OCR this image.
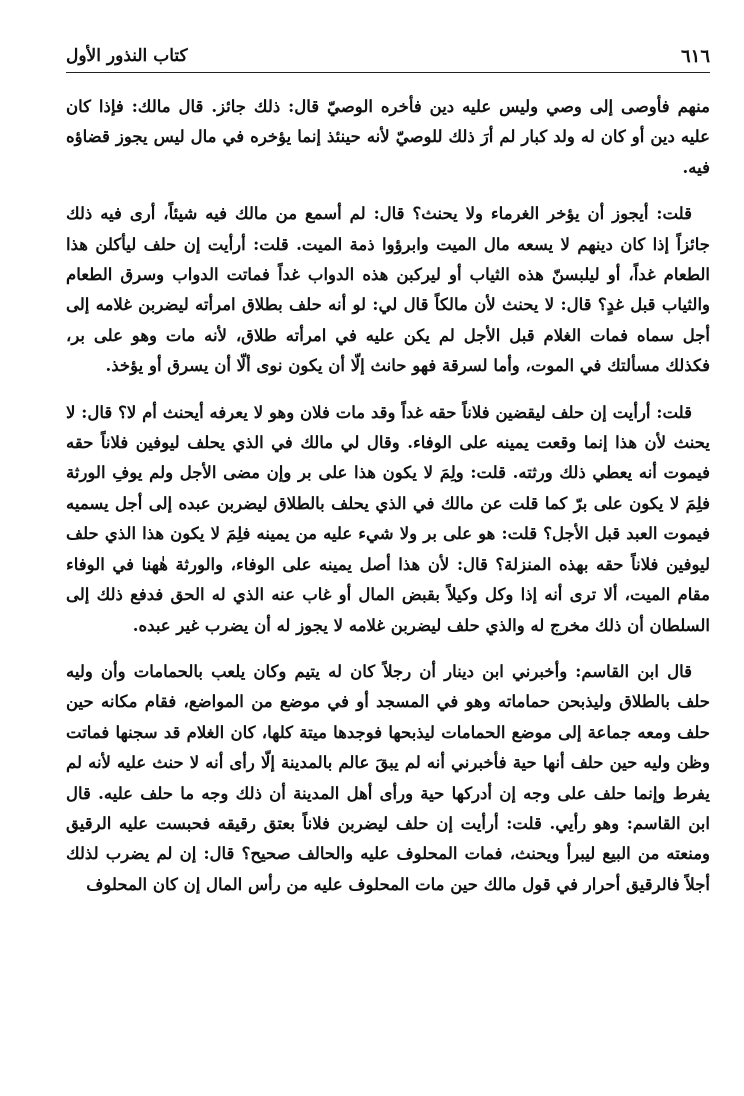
٦١٦
كتاب النذور الأول

منهم فأوصى إلى وصي وليس عليه دين فأخره الوصيّ قال: ذلك جائز. قال مالك: فإذا كان عليه دين أو كان له ولد كبار لم أرَ ذلك للوصيّ لأنه حينئذ إنما يؤخره في مال ليس يجوز قضاؤه فيه.

قلت: أيجوز أن يؤخر الغرماء ولا يحنث؟ قال: لم أسمع من مالك فيه شيئاً، أرى فيه ذلك جائزاً إذا كان دينهم لا يسعه مال الميت وابرؤوا ذمة الميت. قلت: أرأيت إن حلف ليأكلن هذا الطعام غداً، أو ليلبسنّ هذه الثياب أو ليركبن هذه الدواب غداً فماتت الدواب وسرق الطعام والثياب قبل غدٍ؟ قال: لا يحنث لأن مالكاً قال لي: لو أنه حلف بطلاق امرأته ليضربن غلامه إلى أجل سماه فمات الغلام قبل الأجل لم يكن عليه في امرأته طلاق، لأنه مات وهو على بر، فكذلك مسألتك في الموت، وأما لسرقة فهو حانث إلّا أن يكون نوى ألّا أن يسرق أو يؤخذ.

قلت: أرأيت إن حلف ليقضين فلاناً حقه غداً وقد مات فلان وهو لا يعرفه أيحنث أم لا؟ قال: لا يحنث لأن هذا إنما وقعت يمينه على الوفاء. وقال لي مالك في الذي يحلف ليوفين فلاناً حقه فيموت أنه يعطي ذلك ورثته. قلت: ولِمَ لا يكون هذا على بر وإن مضى الأجل ولم يوفِ الورثة فلِمَ لا يكون على برّ كما قلت عن مالك في الذي يحلف بالطلاق ليضربن عبده إلى أجل يسميه فيموت العبد قبل الأجل؟ قلت: هو على بر ولا شيء عليه من يمينه فلِمَ لا يكون هذا الذي حلف ليوفين فلاناً حقه بهذه المنزلة؟ قال: لأن هذا أصل يمينه على الوفاء، والورثة هٰهنا في الوفاء مقام الميت، ألا ترى أنه إذا وكل وكيلاً بقبض المال أو غاب عنه الذي له الحق فدفع ذلك إلى السلطان أن ذلك مخرج له والذي حلف ليضربن غلامه لا يجوز له أن يضرب غير عبده.

قال ابن القاسم: وأخبرني ابن دينار أن رجلاً كان له يتيم وكان يلعب بالحمامات وأن وليه حلف بالطلاق وليذبحن حماماته وهو في المسجد أو في موضع من المواضع، فقام مكانه حين حلف ومعه جماعة إلى موضع الحمامات ليذبحها فوجدها ميتة كلها، كان الغلام قد سجنها فماتت وظن وليه حين حلف أنها حية فأخبرني أنه لم يبقَ عالم بالمدينة إلّا رأى أنه لا حنث عليه لأنه لم يفرط وإنما حلف على وجه إن أدركها حية ورأى أهل المدينة أن ذلك وجه ما حلف عليه. قال ابن القاسم: وهو رأيي. قلت: أرأيت إن حلف ليضربن فلاناً بعتق رقيقه فحبست عليه الرقيق ومنعته من البيع ليبرأ ويحنث، فمات المحلوف عليه والحالف صحيح؟ قال: إن لم يضرب لذلك أجلاً فالرقيق أحرار في قول مالك حين مات المحلوف عليه من رأس المال إن كان المحلوف
